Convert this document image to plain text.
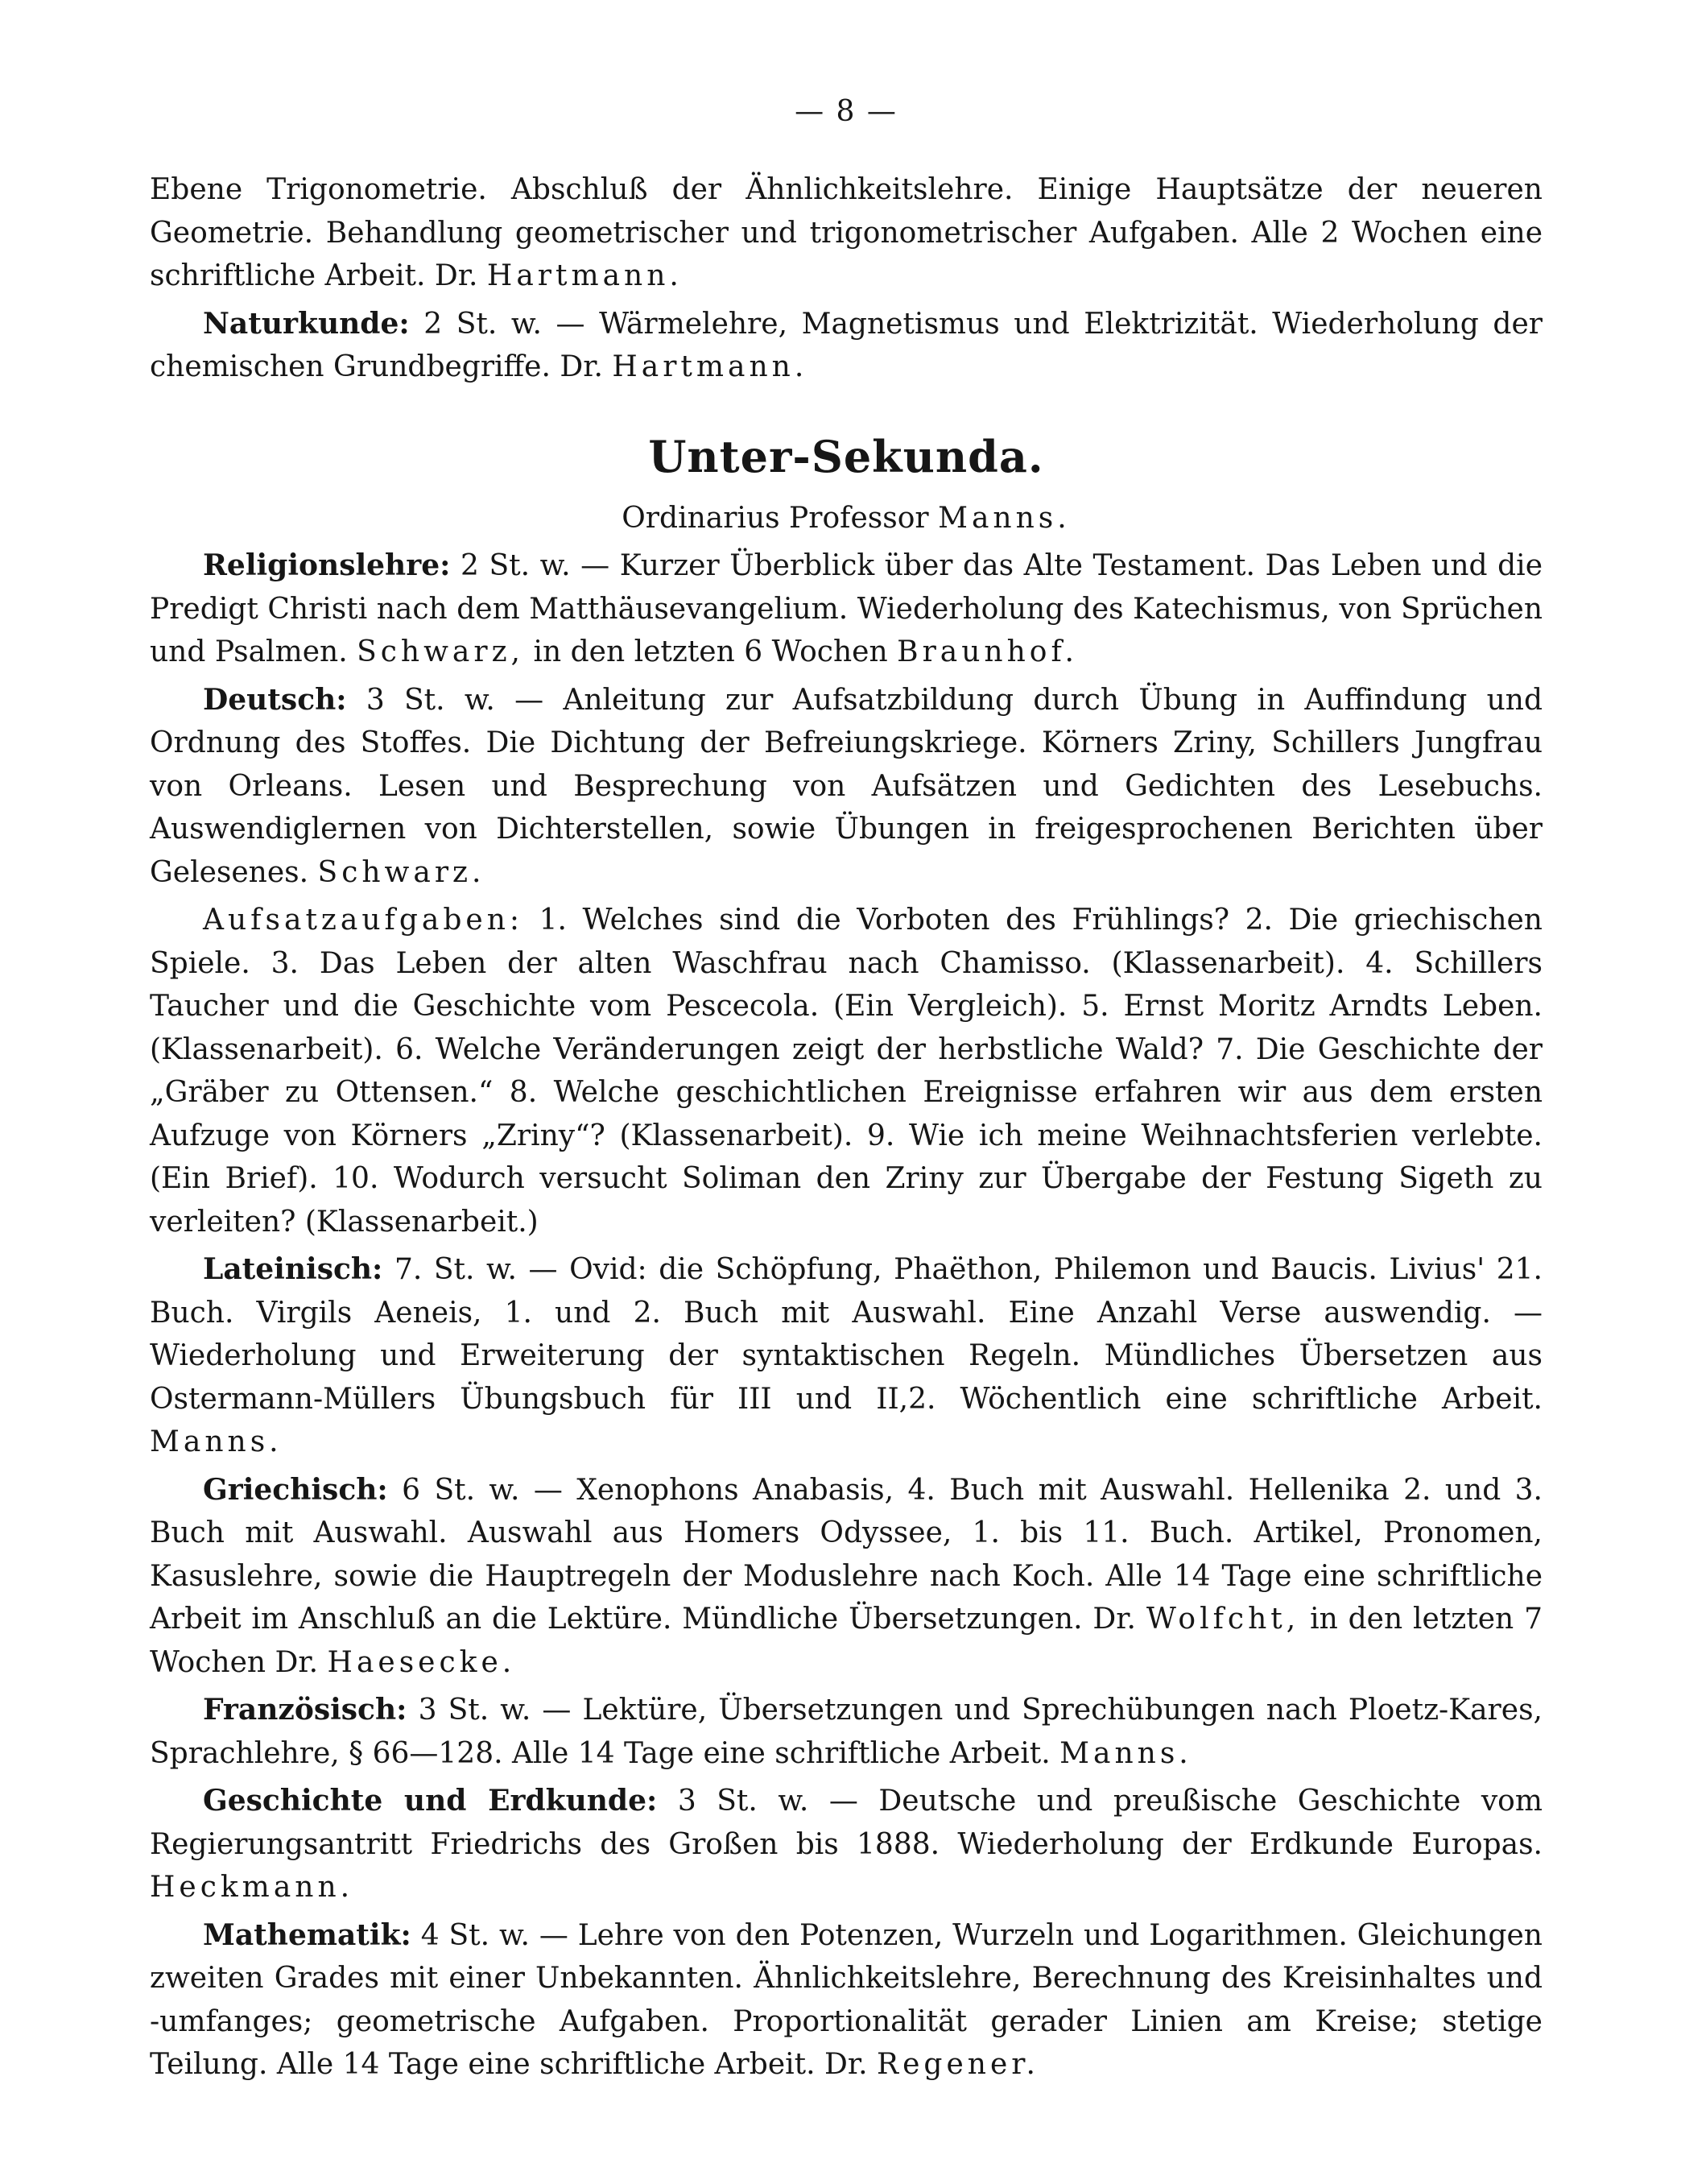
— 8 —

Ebene Trigonometrie. Abschluß der Ähnlichkeitslehre. Einige Hauptsätze der neueren Geometrie. Behandlung geometrischer und trigonometrischer Aufgaben. Alle 2 Wochen eine schriftliche Arbeit. Dr. Hartmann.

Naturkunde: 2 St. w. — Wärmelehre, Magnetismus und Elektrizität. Wiederholung der chemischen Grundbegriffe. Dr. Hartmann.

Unter-Sekunda.
Ordinarius Professor Manns.

Religionslehre: 2 St. w. — Kurzer Überblick über das Alte Testament. Das Leben und die Predigt Christi nach dem Matthäusevangelium. Wiederholung des Katechismus, von Sprüchen und Psalmen. Schwarz, in den letzten 6 Wochen Braunhof.

Deutsch: 3 St. w. — Anleitung zur Aufsatzbildung durch Übung in Auffindung und Ordnung des Stoffes. Die Dichtung der Befreiungskriege. Körners Zriny, Schillers Jungfrau von Orleans. Lesen und Besprechung von Aufsätzen und Gedichten des Lesebuchs. Auswendiglernen von Dichterstellen, sowie Übungen in freigesprochenen Berichten über Gelesenes. Schwarz.

Aufsatzaufgaben: 1. Welches sind die Vorboten des Frühlings? 2. Die griechischen Spiele. 3. Das Leben der alten Waschfrau nach Chamisso. (Klassenarbeit). 4. Schillers Taucher und die Geschichte vom Pescecola. (Ein Vergleich). 5. Ernst Moritz Arndts Leben. (Klassenarbeit). 6. Welche Veränderungen zeigt der herbstliche Wald? 7. Die Geschichte der „Gräber zu Ottensen.“ 8. Welche geschichtlichen Ereignisse erfahren wir aus dem ersten Aufzuge von Körners „Zriny“? (Klassenarbeit). 9. Wie ich meine Weihnachtsferien verlebte. (Ein Brief). 10. Wodurch versucht Soliman den Zriny zur Übergabe der Festung Sigeth zu verleiten? (Klassenarbeit.)

Lateinisch: 7. St. w. — Ovid: die Schöpfung, Phaëthon, Philemon und Baucis. Livius' 21. Buch. Virgils Aeneis, 1. und 2. Buch mit Auswahl. Eine Anzahl Verse auswendig. — Wiederholung und Erweiterung der syntaktischen Regeln. Mündliches Übersetzen aus Ostermann-Müllers Übungsbuch für III und II,2. Wöchentlich eine schriftliche Arbeit. Manns.

Griechisch: 6 St. w. — Xenophons Anabasis, 4. Buch mit Auswahl. Hellenika 2. und 3. Buch mit Auswahl. Auswahl aus Homers Odyssee, 1. bis 11. Buch. Artikel, Pronomen, Kasuslehre, sowie die Hauptregeln der Moduslehre nach Koch. Alle 14 Tage eine schriftliche Arbeit im Anschluß an die Lektüre. Mündliche Übersetzungen. Dr. Wolfcht, in den letzten 7 Wochen Dr. Haesecke.

Französisch: 3 St. w. — Lektüre, Übersetzungen und Sprechübungen nach Ploetz-Kares, Sprachlehre, § 66—128. Alle 14 Tage eine schriftliche Arbeit. Manns.

Geschichte und Erdkunde: 3 St. w. — Deutsche und preußische Geschichte vom Regierungsantritt Friedrichs des Großen bis 1888. Wiederholung der Erdkunde Europas. Heckmann.

Mathematik: 4 St. w. — Lehre von den Potenzen, Wurzeln und Logarithmen. Gleichungen zweiten Grades mit einer Unbekannten. Ähnlichkeitslehre, Berechnung des Kreisinhaltes und -umfanges; geometrische Aufgaben. Proportionalität gerader Linien am Kreise; stetige Teilung. Alle 14 Tage eine schriftliche Arbeit. Dr. Regener.
